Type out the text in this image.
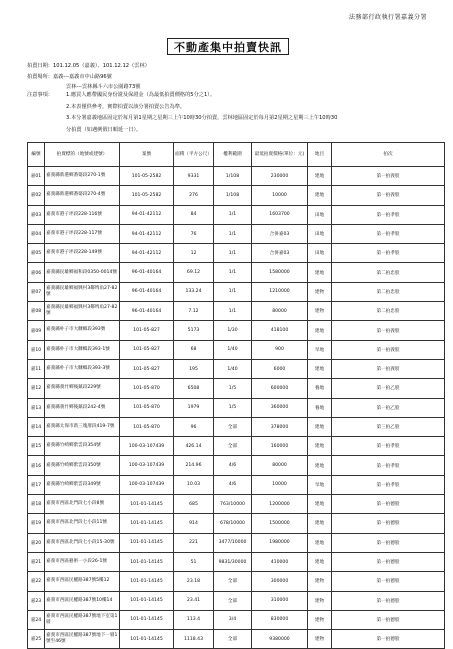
法務部行政執行署嘉義分署
不動產集中拍賣快訊
拍賣日期：101.12.05（嘉義）、101.12.12（雲林）
拍賣場所：嘉義---嘉義市中山路96號
雲林---雲林縣斗六市公園路73號
注意事項：	1.應買人應帶國民身份證及保證金（為最低拍賣價格的5分之1）。
2.本表僅供參考，實際拍賣以該分署拍賣公告為準。
3.本分署嘉義地區固定於每月第1星期之星期三上午10時30分拍賣，雲林地區固定於每月第2星期之星期三上午10時30
分拍賣（如遇例假日順延一日）。
編號	拍賣標的（地號或建號）	案號	面積（平方公尺）	權利範圍	最低拍賣價格(單位：元)	地目	拍次
嘉01	嘉義縣新港鄉番婆段270-1號	101-05-2582	9331	1/108	230000	建地	第一拍義股
嘉02	嘉義縣新港鄉番婆段270-4號	101-05-2582	276	1/108	10000	建地	第一拍義股
嘉03	嘉義市港子坪段228-116號	94-01-42112	84	1/1	1603700	田地	第一拍孝股
嘉04	嘉義市港子坪段228-117號	94-01-42112	76	1/1	合併嘉03	田地	第一拍孝股
嘉05	嘉義市港子坪段228-149號	94-01-42112	12	1/1	合併嘉03	田地	第一拍孝股
嘉06	嘉義縣民雄鄉福和段0350-0014號	96-01-40164	69.12	1/1	1580000	建地	第二拍忠股
嘉07	嘉義縣民雄鄉福興村3鄰埤角27-82號	96-01-40164	133.24	1/1	1210000	建物	第二拍忠股
嘉08	嘉義縣民雄鄉福興村3鄰埤角27-82號	96-01-40164	7.12	1/1	80000	建物	第二拍忠股
嘉09	嘉義縣朴子市大糠榔段393號	101-05-827	5173	1/30	418100	建地	第一拍義股
嘉10	嘉義縣朴子市大糠榔段393-1號	101-05-827	68	1/40	900	旱地	第一拍義股
嘉11	嘉義縣朴子市大糠榔段393-3號	101-05-827	195	1/40	6000	建地	第一拍義股
嘉12	嘉義縣義竹鄉後鎮段229號	101-05-870	6508	1/5	600000	養地	第一拍乙股
嘉13	嘉義縣義竹鄉後鎮段242-4號	101-05-870	1979	1/5	360000	養地	第一拍乙股
嘉14	嘉義縣太保市新三塊厝段419-7號	101-05-870	96	全部	378000	建地	第三拍乙股
嘉15	嘉義縣竹崎鄉紫雲段354號	100-03-107439	426.14	全部	160000	建地	第一拍孝股
嘉16	嘉義縣竹崎鄉紫雲段350號	100-03-107439	214.96	4/6	80000	建地	第一拍孝股
嘉17	嘉義縣竹崎鄉紫雲段349號	100-03-107439	10.03	4/6	10000	旱地	第一拍孝股
嘉18	嘉義市西區北門段七小段8號	101-01-14145	685	763/10000	1200000	建地	第一拍德股
嘉19	嘉義市西區北門段七小段11號	101-01-14145	914	678/10000	1500000	建地	第一拍德股
嘉20	嘉義市西區北門段七小段15-30號	101-01-14145	221	3477/10000	1980000	建地	第一拍德股
嘉21	嘉義市西區藝術一小段26-1號	101-01-14145	51	9831/30000	410000	建地	第一拍德股
嘉22	嘉義市西區民權路387號5樓12	101-01-14145	23.18	全部	300000	建物	第一拍德股
嘉23	嘉義市西區民權路387號10樓14	101-01-14145	23.41	全部	310000	建物	第一拍德股
嘉24	嘉義市西區民權路387號地下室第1層	101-01-14145	113.4	3/4	830000	建物	第一拍德股
嘉25	嘉義市西區民權路387號地下一層1號至46號	101-01-14145	1118.43	全部	9380000	建物	第一拍德股
